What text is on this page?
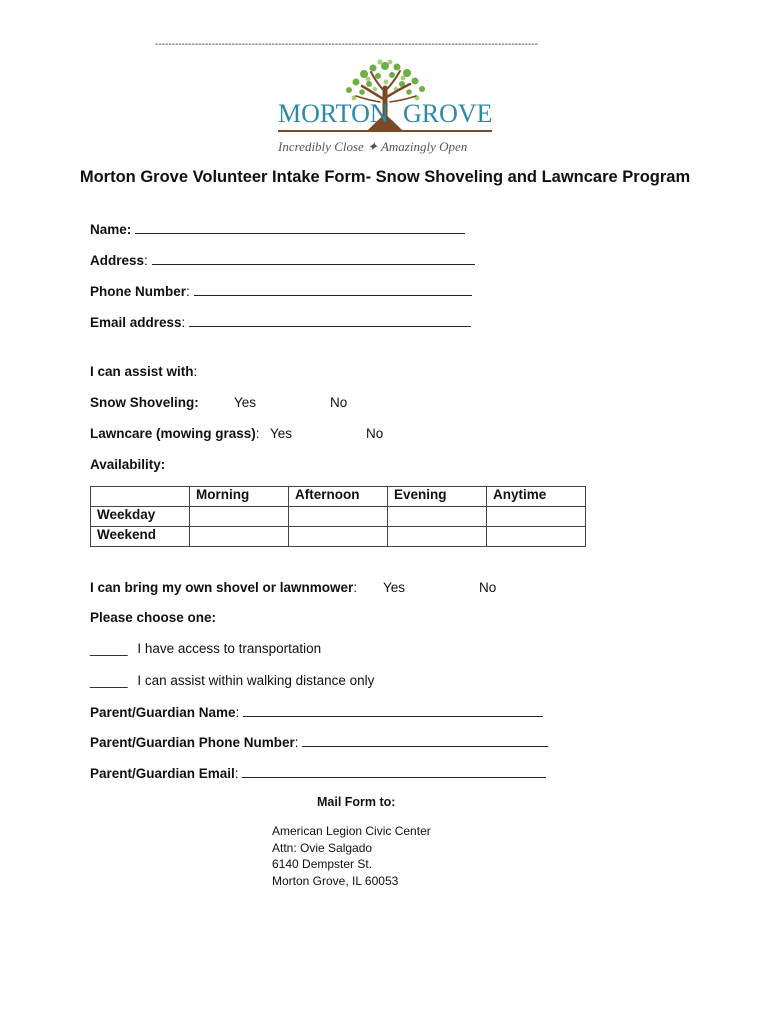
-------------------------------------------------------------------------------------------------------------------
MORTON GROVE
Incredibly Close ✦ Amazingly Open
Morton Grove Volunteer Intake Form- Snow Shoveling and Lawncare Program
Name:
Address:
Phone Number:
Email address:
I can assist with:
Snow Shoveling:	Yes	No
Lawncare (mowing grass): Yes	No
Availability:
	Morning	Afternoon	Evening	Anytime
Weekday				
Weekend				
I can bring my own shovel or lawnmower: Yes	No
Please choose one:
_____ I have access to transportation
_____ I can assist within walking distance only
Parent/Guardian Name:
Parent/Guardian Phone Number:
Parent/Guardian Email:
Mail Form to:
American Legion Civic Center
Attn: Ovie Salgado
6140 Dempster St.
Morton Grove, IL 60053
